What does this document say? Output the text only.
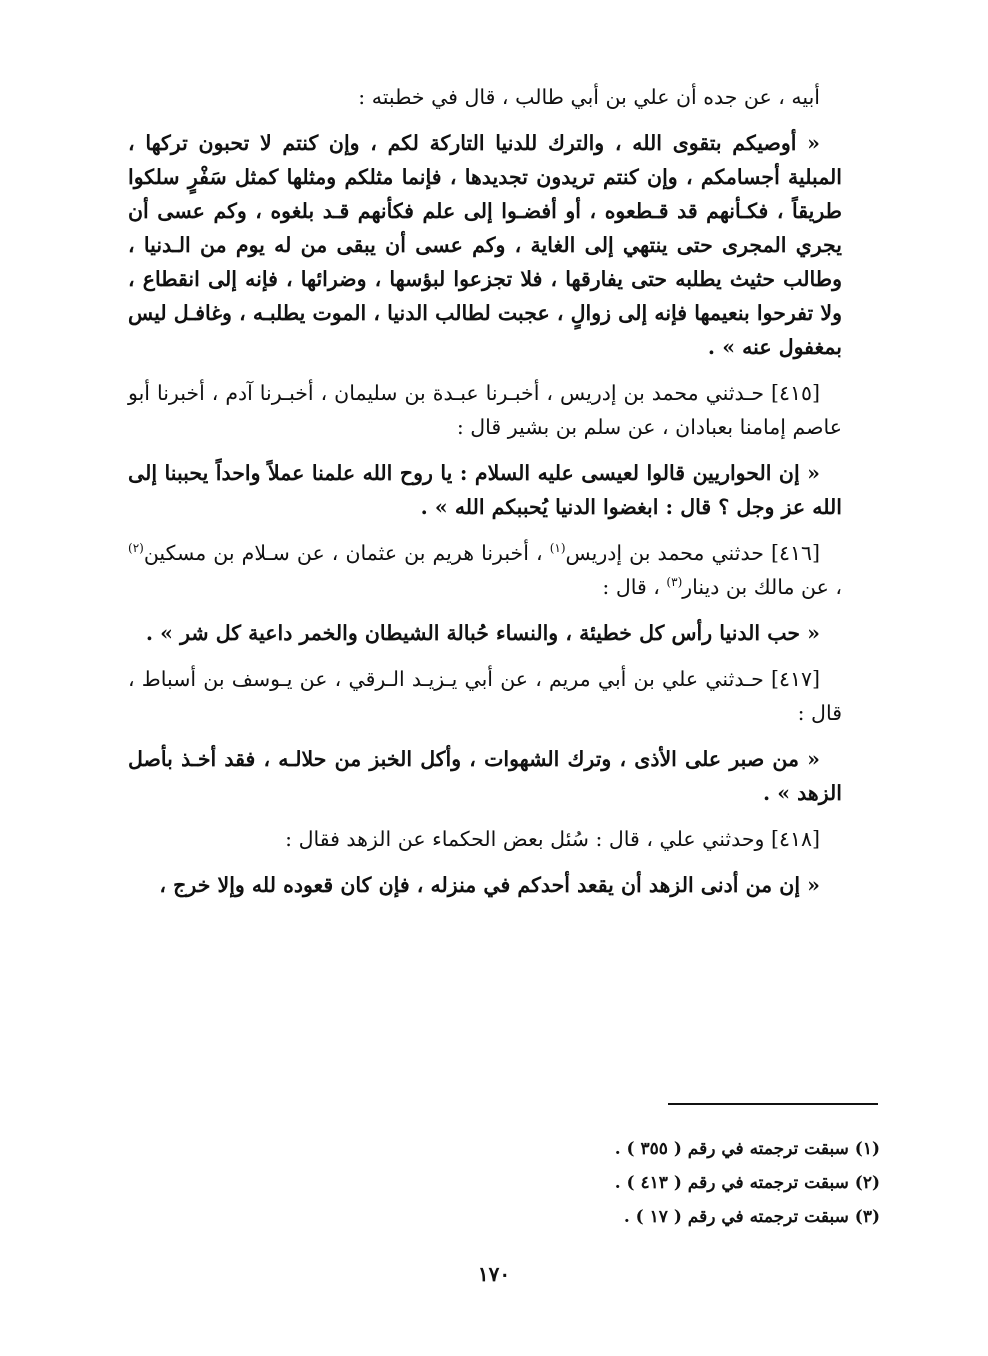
أبيه ، عن جده أن علي بن أبي طالب ، قال في خطبته :

« أوصيكم بتقوى الله ، والترك للدنيا التاركة لكم ، وإن كنتم لا تحبون تركها ، المبلية أجسامكم ، وإن كنتم تريدون تجديدها ، فإنما مثلكم ومثلها كمثل سَفْرٍ سلكوا طريقاً ، فكـأنهم قد قـطعوه ، أو أفضـوا إلى علم فكأنهم قـد بلغوه ، وكم عسى أن يجري المجرى حتى ينتهي إلى الغاية ، وكم عسى أن يبقى من له يوم من الـدنيا ، وطالب حثيث يطلبه حتى يفارقها ، فلا تجزعوا لبؤسها ، وضرائها ، فإنه إلى انقطاع ، ولا تفرحوا بنعيمها فإنه إلى زوالٍ ، عجبت لطالب الدنيا ، الموت يطلبـه ، وغافـل ليس بمغفول عنه » .

[٤١٥] حـدثني محمد بن إدريس ، أخبـرنا عبـدة بن سليمان ، أخبـرنا آدم ، أخبرنا أبو عاصم إمامنا بعبادان ، عن سلم بن بشير قال :

« إن الحواريين قالوا لعيسى عليه السلام : يا روح الله علمنا عملاً واحداً يحببنا إلى الله عز وجل ؟ قال : ابغضوا الدنيا يُحببكم الله » .

[٤١٦] حدثني محمد بن إدريس$^{(١)}$ ، أخبرنا هريم بن عثمان ، عن سـلام بن مسكين$^{(٢)}$ ، عن مالك بن دينار$^{(٣)}$ ، قال :

« حب الدنيا رأس كل خطيئة ، والنساء حُبالة الشيطان والخمر داعية كل شر » .

[٤١٧] حـدثني علي بن أبي مريم ، عن أبي يـزيـد الـرقي ، عن يـوسف بن أسباط ، قال :

« من صبر على الأذى ، وترك الشهوات ، وأكل الخبز من حلالـه ، فقد أخـذ بأصل الزهد » .

[٤١٨] وحدثني علي ، قال : سُئل بعض الحكماء عن الزهد فقال :

« إن من أدنى الزهد أن يقعد أحدكم في منزله ، فإن كان قعوده لله وإلا خرج ،

(١) سبقت ترجمته في رقم ( ٣٥٥ ) .

(٢) سبقت ترجمته في رقم ( ٤١٣ ) .

(٣) سبقت ترجمته في رقم ( ١٧ ) .

١٧٠
